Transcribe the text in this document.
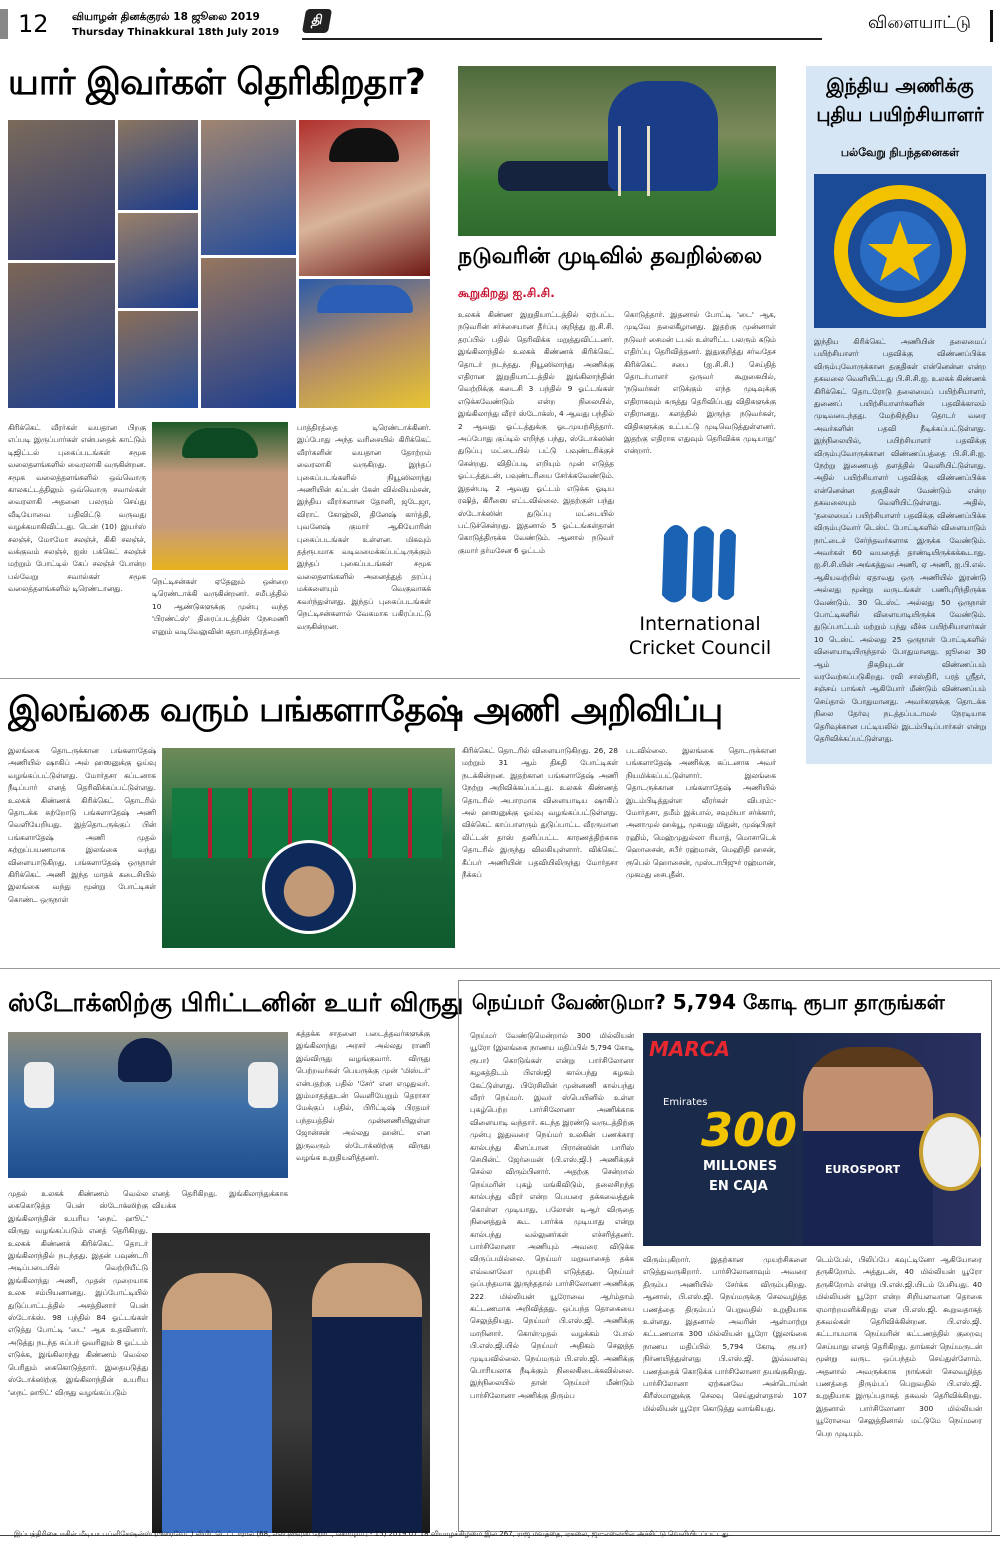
12 வியாழன் தினக்குரல் 18 ஜூலை 2019
Thursday Thinakkural 18th July 2019
தி	விளையாட்டு
யார் இவர்கள் தெரிகிறதா?
கிரிக்கெட் வீரர்கள் வயதான பிறகு எப்படி இருப்பார்கள் என்பதைக் காட்டும் டிஜிட்டல் புகைப்படங்கள் சமூக வலைதளங்களில் வைரலாகி வருகின்றன. சமூக வலைத்தளங்களில் ஒவ்வொரு காலகட்டத்திலும் ஒவ்வொரு சவால்கள் வைரலாகி அதனை பலரும் செய்து வீடியோவை பதிவிட்டு வருவது வழக்கமாகிவிட்டது. டென் (10) இயர்ஸ் சலஞ்ச், மோமோ சலஞ்ச், கிகி சலஞ்ச், வக்குவம் சலஞ்ச், ஐஸ் பக்கெட் சலஞ்ச் மற்றும் போட்டில் கேப் சலஞ்ச் போன்ற பல்வேறு சவால்கள் சமூக வலைத்தளங்களில் டிரெண்டானது.
நெட்டிசன்கள் ஏதேனும் ஒன்றை டிரெண்டாக்கி வருகின்றனர். சமீபத்தில் 10 ஆண்டுகளுக்கு முன்பு வந்த 'பிரண்ட்ஸ்' திரைப்படத்தின் நேசமணி எனும் வடிவேலுவின் கதாபாத்திரத்தை
பாத்திரத்தை டிரெண்டாக்கினர். இப்போது அந்த வரிசையில் கிரிக்கெட் வீரர்களின் வயதான தோற்றம் வைரலாகி வருகிறது. இந்தப் புகைப்படங்களில் நியூஸிலாந்து அணியின் கப்டன் கேன் வில்லியம்சன், இந்திய வீரர்களான தோனி, ஜடேஜா, விராட் கோஹ்லி, தினேஷ் கார்த்தி, புவனேஷ் குமார் ஆகியோரின் புகைப்படங்கள் உள்ளன. மிகவும் தத்ரூபமாக வடிவமைக்கப்பட்டிருக்கும் இந்தப் புகைப்படங்கள் சமூக வலைதளங்களில் அனைத்துத் தரப்பு மக்களையும் வெகுவாகக் கவர்ந்துள்ளது. இந்தப் புகைப்படங்கள் நெட்டிசன்களால் வேகமாக பகிரப்பட்டு வருகின்றன.
நடுவரின் முடிவில் தவறில்லை
கூறுகிறது ஐ.சி.சி.
உலகக் கிண்ண இறுதியாட்டத்தில் ஏற்பட்ட நடுவரின் சர்ச்சையான தீர்ப்பு குறித்து ஐ.சி.சி. தரப்பில் பதில் தெரிவிக்க மறுத்துவிட்டனர். இங்கிலாந்தில் உலகக் கிண்ணக் கிரிக்கெட் தொடர் நடந்தது. நியூஸிலாந்து அணிக்கு எதிரான இறுதியாட்டத்தில் இங்கிலாந்தின் வெற்றிக்கு கடைசி 3 பந்தில் 9 ஓட்டங்கள் எடுக்கவேண்டும் என்ற நிலையில், இங்கிலாந்து வீரர் ஸ்டோக்ஸ், 4 ஆவது பந்தில் 2 ஆவது ஓட்டத்துக்கு ஓடமுயற்சித்தார். அப்போது குப்டில் எறிந்த பந்து, ஸ்டோக்ஸின் துடுப்பு மட்டையில் பட்டு பவுண்டரிக்குச் சென்றது. விதிப்படி எறியும் முன் எடுத்த ஓட்டத்துடன், பவுண்டரியை சேர்க்கவேண்டும். இதன்படி 2 ஆவது ஓட்டம் எடுக்க ஓடிய ரஷித், கிரீஸை எட்டவில்லை. இதற்குள் பந்து ஸ்டோக்ஸின் துடுப்பு மட்டையில் பட்டுச்சென்றது. இதனால் 5 ஓட்டங்கள்தான் கொடுத்திருக்க வேண்டும். ஆனால் நடுவர் குமார் தர்மசேன 6 ஓட்டம்
கொடுத்தார். இதனால் போட்டி 'டை' ஆக, முடிவே தலைகீழானது. இதற்கு முன்னாள் நடுவர் சைமன் டபல் உள்ளிட்ட பலரும் கடும் எதிர்ப்பு தெரிவித்தனர். இதுகுறித்து சர்வதேச கிரிக்கெட் சபை (ஐ.சி.சி.) செய்தித் தொடர்பாளர் ஒருவர் கூறுகையில், 'நடுவர்கள் எடுக்கும் எந்த முடிவுக்கு எதிராகவும் கருத்து தெரிவிப்பது விதிகளுக்கு எதிரானது. களத்தில் இருந்த நடுவர்கள், விதிகளுக்கு உட்பட்டு முடிவெடுத்துள்ளனர். இதற்கு எதிராக எதுவும் தெரிவிக்க முடியாது' என்றார்.
International
Cricket Council
இந்திய அணிக்கு புதிய பயிற்சியாளர்
பல்வேறு நிபந்தனைகள்
இந்திய கிரிக்கெட் அணியின் தலைமைப் பயிற்சியாளர் பதவிக்கு விண்ணப்பிக்க விரும்புவோருக்கான தகுதிகள் என்னென்ன என்ற தகவலை வெளியிட்டது பி.சி.சி.ஐ. உலகக் கிண்ணக் கிரிக்கெட் தொடரோடு தலைமைப் பயிற்சியாளர், துணைப் பயிற்சியாளர்களின் பதவிக்காலம் முடிவடைந்தது. மேற்கிந்திய தொடர் வரை அவர்களின் பதவி நீடிக்கப்பட்டுள்ளது. இந்நிலையில், பயிற்சியாளர் பதவிக்கு விரும்புவோருக்கான விண்ணப்பத்தை பி.சி.சி.ஐ. நேற்று இணையத் தளத்தில் வெளியிட்டுள்ளது. அதில் பயிற்சியாளர் பதவிக்கு விண்ணப்பிக்க என்னென்ன தகுதிகள் வேண்டும் என்ற தகவலையும் வெளியிட்டுள்ளது. அதில், 'தலைமைப் பயிற்சியாளர் பதவிக்கு விண்ணப்பிக்க விரும்புவோர் டெஸ்ட் போட்டிகளில் விளையாடும் நாட்டைச் சேர்ந்தவர்களாக இருக்க வேண்டும். அவர்கள் 60 வயதைத் தாண்டியிருக்கக்கூடாது. ஐ.சி.சி.யின் அங்கத்துவ அணி, ஏ அணி, ஐ.பி.எல். ஆகியவற்றில் ஏதாவது ஒரு அணியில் இரண்டு அல்லது மூன்று வருடங்கள் பணிபுரிந்திருக்க வேண்டும். 30 டெஸ்ட் அல்லது 50 ஒருநாள் போட்டிகளில் விளையாடியிருக்க வேண்டும். துடுப்பாட்டம் மற்றும் பந்து வீச்சு பயிற்சியாளர்கள் 10 டெஸ்ட் அல்லது 25 ஒருநாள் போட்டிகளில் விளையாடியிருந்தால் போதுமானது. ஜூலை 30 ஆம் திகதியுடன் விண்ணப்பம் வரவேற்கப்படுகிறது. ரவி சாஸ்திரி, பரத் ஸ்ரீதர், சஞ்சய் பாங்கர் ஆகியோர் மீண்டும் விண்ணப்பம் செய்தால் போதுமானது. அவர்களுக்கு தொடக்க நிலை தேர்வு நடத்தப்படாமல் நேரடியாக தெரிவுக்கான பட்டியலில் இடம்பிடிப்பார்கள் என்று தெரிவிக்கப்பட்டுள்ளது.
இலங்கை வரும் பங்களாதேஷ் அணி அறிவிப்பு
இலங்கை தொடருக்கான பங்களாதேஷ் அணியில் ஷாகிப் அல் ஹஸனுக்கு ஓய்வு வழங்கப்பட்டுள்ளது. மோர்தசா கப்டனாக நீடிப்பார் எனத் தெரிவிக்கப்பட்டுள்ளது. உலகக் கிண்ணக் கிரிக்கெட் தொடரில் தொடக்க சுற்றோடு பங்களாதேஷ் அணி வெளியேறியது. இத்தொடருக்குப் பின் பங்களாதேஷ் அணி முதல் சுற்றுப்பயணமாக இலங்கை வந்து விளையாடுகிறது. பங்களாதேஷ் ஒருநாள் கிரிக்கெட் அணி இந்த மாதக் கடைசியில் இலங்கை வந்து மூன்று போட்டிகள் கொண்ட ஒருநாள்
கிரிக்கெட் தொடரில் விளையாடுகிறது. 26, 28 மற்றும் 31 ஆம் திகதி போட்டிகள் நடக்கின்றன. இதற்கான பங்களாதேஷ் அணி நேற்று அறிவிக்கப்பட்டது. உலகக் கிண்ணத் தொடரில் அபாரமாக விளையாடிய ஷாகிப் அல் ஹஸனுக்கு ஓய்வு வழங்கப்பட்டுள்ளது. விக்கெட் காப்பாளரும் துடுப்பாட்ட வீரருமான லிட்டன் தாஸ் தனிப்பட்ட காரணத்திற்காக தொடரில் இருந்து விலகியுள்ளார். விக்கெட் கீப்பர் அணியின் பதவியிலிருந்து மோர்தசா நீக்கப்
படவில்லை. இலங்கை தொடருக்கான பங்களாதேஷ் அணிக்கு கப்டனாக அவர் நியமிக்கப்பட்டுள்ளார். இலங்கை தொடருக்கான பங்களாதேஷ் அணியில் இடம்பிடித்துள்ள வீரர்கள் விபரம்:- மோர்தசா, தமீம் இக்பால், சவுமியா சர்க்கார், அனாமுல் ஹக்யூ, முகமது மிதுன், முஷ்பிகுர் ரஹிம், மெஹ்முதுல்லா ரியாத், மொசாடெக் ஹொசைன், சபீர் ரஹ்மான், மெஹிதி ஹசன், ரூபெல் ஹொசைன், முஸ்டாபிஜுர் ரஹ்மான், முகமது சைபுதீன்.
ஸ்டோக்ஸிற்கு பிரிட்டனின் உயர் விருது
முதல் உலகக் கிண்ணம் வெல்ல கைகொடுத்த பென் ஸ்டோக்ஸிற்கு இங்கிலாந்தின் உயரிய 'நைட் ஹூட்' விருது வழங்கப்படும் எனத் தெரிகிறது. உலகக் கிண்ணக் கிரிக்கெட் தொடர் இங்கிலாந்தில் நடந்தது. இதன் பவுண்டரி அடிப்படையில் வெற்றியீட்டு இங்கிலாந்து அணி, முதன் முறையாக உலக சம்பியனானது. இப்போட்டியில் துடுப்பாட்டத்தில் அசத்தினார் பென் ஸ்டோக்ஸ். 98 பந்தில் 84 ஓட்டங்கள் எடுத்து போட்டி 'டை' ஆக உதவினார். அடுத்து நடந்த சுப்பர் ஓவரிலும் 8 ஓட்டம் எடுக்க, இங்கிலாந்து கிண்ணம் வெல்ல பெரிதும் கைகொடுத்தார். இதையடுத்து ஸ்டோக்ஸிற்கு இங்கிலாந்தின் உயரிய 'நைட் ஹூட்' விருது வழங்கப்படும்
எனத் தெரிகிறது. இங்கிலாந்துக்காக வியக்க
கத்தக்க சாதனை படைத்தவர்களுக்கு இங்கிலாந்து அரசர் அல்லது ராணி இவ்விருது வழங்குவார். விருது பெற்றவர்கள் பெயருக்கு முன் 'மிஸ்டர்' என்பதற்கு பதில் 'சேர்' என எழுதுவர். இம்மாதத்துடன் வெளியேறும் தெராசா மேக்குப் பதில், பிரிட்டிஷ் பிரதமர் பந்தயத்தில் முன்னணியிலுள்ள ஜோன்சன் அல்லது ஹன்ட் என இருவரும் ஸ்டோக்ஸிற்கு விருது வழங்க உறுதியளித்தனர்.
நெய்மர் வேண்டுமா? 5,794 கோடி ரூபா தாருங்கள்
நெய்மர் வேண்டுமென்றால் 300 மில்லியன் யூரோ (இலங்கை நாணய மதிப்பில் 5,794 கோடி ரூபா) கொடுங்கள் என்று பார்சிலோனா கழகத்திடம் பிஎஸ்ஜி கால்பந்து கழகம் கேட்டுள்ளது. பிரேசிலின் முன்னணி கால்பந்து வீரர் நெய்மர். இவர் ஸ்பெயினில் உள்ள புகழ்பெற்ற பார்சிலோனா அணிக்காக விளையாடி வந்தார். கடந்த இரண்டு வருடத்திற்கு முன்பு இதுவரை நெய்மர் உலகின் பணக்கார கால்பந்து கிளப்பான பிரான்ஸின் பாரிஸ் செயின்ட் ஜேர்மைன் (பி.எஸ்.ஜி.) அணிக்குச் செல்ல விரும்பினார். அதற்கு சென்றால் நெய்மரின் புகழ் மங்கிவிடும், தலைசிறந்த கால்பந்து வீரர் என்ற பெயரை தக்கவைத்துக் கொள்ள முடியாது, பலோன் டிஆர் விருதை நினைத்துக் கூட பார்க்க முடியாது என்று கால்பந்து வல்லுனர்கள் எச்சரித்தனர். பார்சிலோனா அணியும் அவரை விடுக்க விருப்பமில்லை. நெய்மர் மறுவாசைத் தக்க எவ்வளவோ முயற்சி எடுத்தது. நெய்மர் ஒப்பந்தமாக இருந்ததால் பார்சிலோனா அணிக்கு 222 மில்லியன் யூரோவை ஆர்ம்தாம் கட்டணமாக அறிவித்தது. ஒப்பந்த தொகையை செலுத்தியது. நெய்மர் பி.எஸ்.ஜி. அணிக்கு மாறினார். கொள்முதல் வழக்கம் போல் பி.எஸ்.ஜி.யில் நெய்மர் அதிகம் செலுத்த முடியவில்லை. நெய்மரும் பி.எஸ்.ஜி. அணிக்கு பொரியலாக நீடிக்கும் நிலைகிடைக்கவில்லை. இந்நிலையில் தான் நெய்மர் மீண்டும் பார்சிலோனா அணிக்கு திரும்ப
MARCA
Emirates
300
MILLONES
EN CAJA
EUROSPORT
விரும்புகிறார். இதற்கான முயற்சிகளை எடுத்துவருகிறார். பார்சிலோனாவும் அவரை திரும்ப அணியில் சேர்க்க விரும்புகிறது. ஆனால், பி.எஸ்.ஜி. நெய்மருக்கு செலவழித்த பணத்தை திரும்பப் பெறுவதில் உறுதியாக உள்ளது. இதனால் அவரின் ஆள்மாற்று கட்டணமாக 300 மில்லியன் யூரோ (இலங்கை நாணய மதிப்பில் 5,794 கோடி ரூபா) நிர்ணயித்துள்ளது பி.எஸ்.ஜி. இவ்வளவு பணத்தைக் கொடுக்க பார்சிலோனா தயங்குகிறது. பார்சிலோனா ஏற்கனவே அன்டொய்ன் கிரீஸ்மானுக்கு செலவு செய்துள்ளதால் 107 மில்லியன் யூரோ கொடுத்து வாங்கியது.
டெம்பேல், பிலிப்பே கவுட்டினோ ஆகியோரை தருகிறோம். அத்துடன், 40 மில்லியன் யூரோ தருகிறோம் என்று பி.எஸ்.ஜி.யிடம் பேசியது. 40 மில்லியன் யூரோ என்ற சிறியளவான தொகை ஏமாற்றமளிக்கிறது என பி.எஸ்.ஜி. கூறுவதாகத் தகவல்கள் தெரிவிக்கின்றன. பி.எஸ்.ஜி. கட்டாயமாக நெய்மரின் கட்டணத்தில் குறைவு செய்யாது எனத் தெரிகிறது. தாங்கள் நெய்மருடன் மூன்று வருட ஒப்பந்தம் செய்துள்ளோம். அதனால் அவருக்காக நாங்கள் செலவழித்த பணத்தை திரும்பப் பெறுவதில் பி.எஸ்.ஜி. உறுதியாக இருப்பதாகத் தகவல் தெரிவிக்கிறது. இதனால் பார்சிலோனா 300 மில்லியன் யூரோவை செலுத்தினால் மட்டுமே நெய்மரை பெற முடியும்.
இப்பத்திரிகை ஈகிள் மீடியா பப்ளிகேஷன்ஸ் (பிரைவேட்) லிமிட்டெட்டாரால் (68, எலி ஹவுஸ் றோட், கொழும்பு - 15) 2019.07.18 வியாழக்கிழமை இல.267, ராஜ மவத்தை, ஏகலை, ஜா-எலையில் அச்சிட்டு வெளியிடப்பட்டது.
